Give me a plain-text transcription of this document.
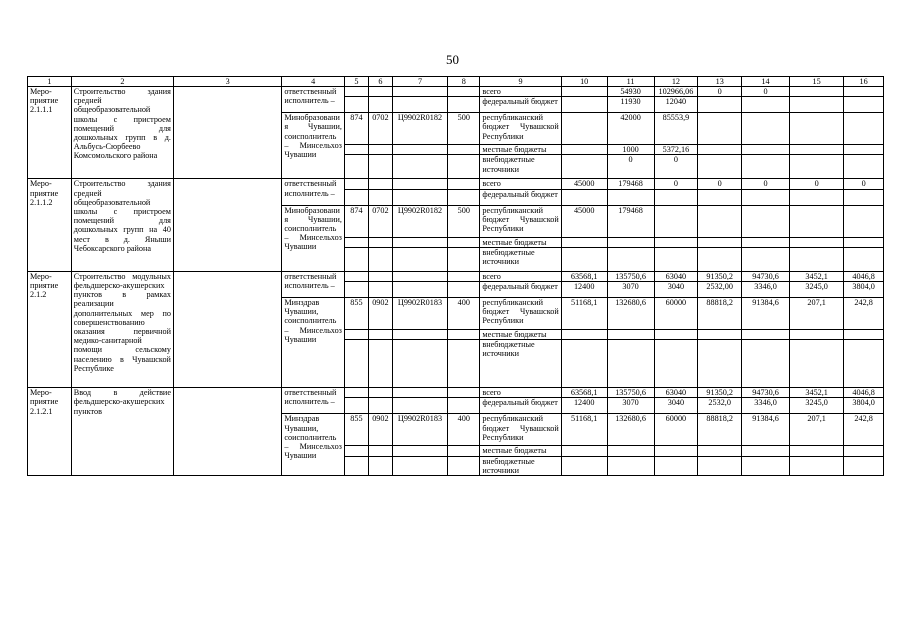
50
1	2	3	4	5	6	7	8	9	10	11	12	13	14	15	16
Меро-приятие 2.1.1.1	Строительство здания средней общеобразовательной школы с пристроем помещений для дошкольных групп в д. Альбусь-Сюрбеево Комсомольского района		ответственный исполнитель –					всего		54930	102966,06	0	0		
								федеральный бюджет		11930	12040				
			Минобразования Чувашии, соисполнитель – Минсельхоз Чувашии	874	0702	Ц9902R0182	500	республиканский бюджет Чувашской Республики		42000	85553,9				
								местные бюджеты		1000	5372,16				
								внебюджетные источники		0	0				
Меро-приятие 2.1.1.2	Строительство здания средней общеобразовательной школы с пристроем помещений для дошкольных групп на 40 мест в д. Яныши Чебоксарского района		ответственный исполнитель –					всего	45000	179468	0	0	0	0	0
								федеральный бюджет							
			Минобразования Чувашии, соисполнитель – Минсельхоз Чувашии	874	0702	Ц9902R0182	500	республиканский бюджет Чувашской Республики	45000	179468					
								местные бюджеты							
								внебюджетные источники							
Меро-приятие 2.1.2	Строительство модульных фельдшерско-акушерских пунктов в рамках реализации дополнительных мер по совершенствованию оказания первичной медико-санитарной помощи сельскому населению в Чувашской Республике		ответственный исполнитель –					всего	63568,1	135750,6	63040	91350,2	94730,6	3452,1	4046,8
								федеральный бюджет	12400	3070	3040	2532,00	3346,0	3245,0	3804,0
			Минздрав Чувашии, соисполнитель – Минсельхоз Чувашии	855	0902	Ц9902R0183	400	республиканский бюджет Чувашской Республики	51168,1	132680,6	60000	88818,2	91384,6	207,1	242,8
								местные бюджеты							
								внебюджетные источники							
Меро-приятие 2.1.2.1	Ввод в действие фельдшерско-акушерских пунктов		ответственный исполнитель –					всего	63568,1	135750,6	63040	91350,2	94730,6	3452,1	4046,8
								федеральный бюджет	12400	3070	3040	2532,0	3346,0	3245,0	3804,0
			Минздрав Чувашии, соисполнитель – Минсельхоз Чувашии	855	0902	Ц9902R0183	400	республиканский бюджет Чувашской Республики	51168,1	132680,6	60000	88818,2	91384,6	207,1	242,8
								местные бюджеты							
								внебюджетные источники							
